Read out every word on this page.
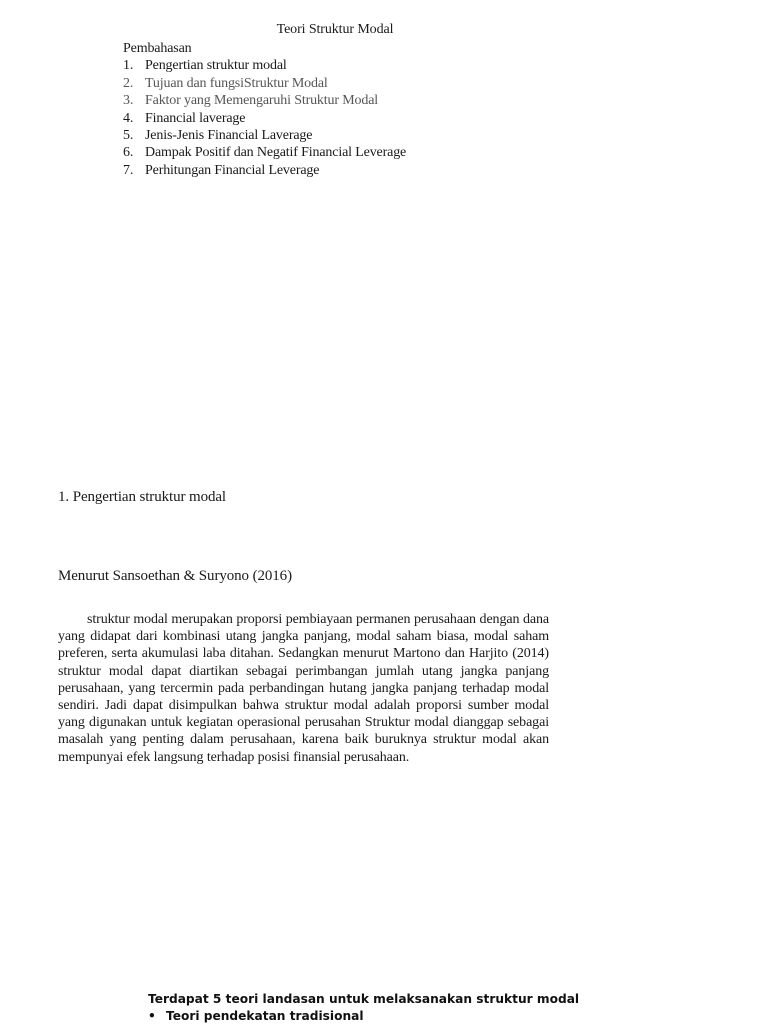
Teori Struktur Modal
Pembahasan
1. Pengertian struktur modal
2. Tujuan dan fungsiStruktur Modal
3. Faktor yang Memengaruhi Struktur Modal
4. Financial laverage
5. Jenis-Jenis Financial Laverage
6. Dampak Positif dan Negatif Financial Leverage
7. Perhitungan Financial Leverage
1. Pengertian struktur modal
Menurut Sansoethan & Suryono (2016)

struktur modal merupakan proporsi pembiayaan permanen perusahaan dengan dana yang didapat dari kombinasi utang jangka panjang, modal saham biasa, modal saham preferen, serta akumulasi laba ditahan. Sedangkan menurut Martono dan Harjito (2014) struktur modal dapat diartikan sebagai perimbangan jumlah utang jangka panjang perusahaan, yang tercermin pada perbandingan hutang jangka panjang terhadap modal sendiri. Jadi dapat disimpulkan bahwa struktur modal adalah proporsi sumber modal yang digunakan untuk kegiatan operasional perusahan Struktur modal dianggap sebagai masalah yang penting dalam perusahaan, karena baik buruknya struktur modal akan mempunyai efek langsung terhadap posisi finansial perusahaan.

Terdapat 5 teori landasan untuk melaksanakan struktur modal
• Teori pendekatan tradisional
